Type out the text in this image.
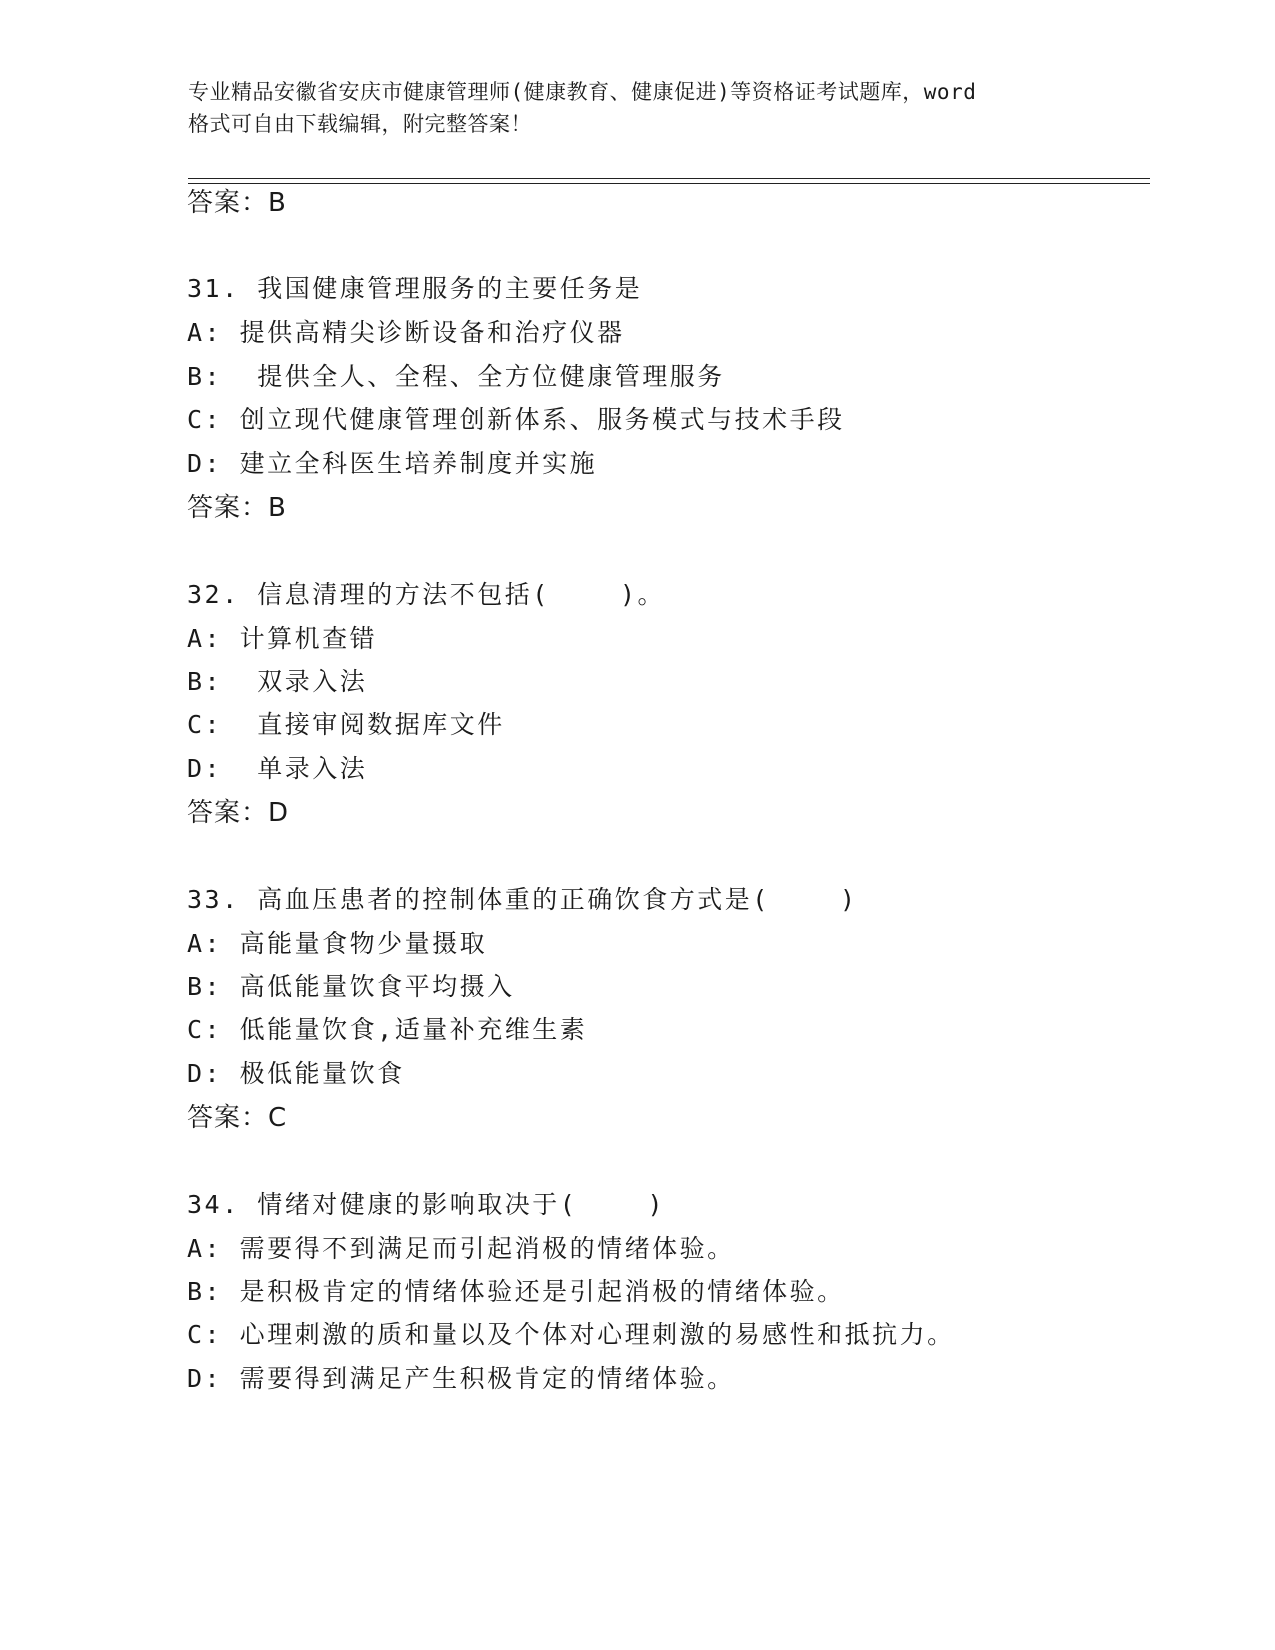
专业精品安徽省安庆市健康管理师(健康教育、健康促进)等资格证考试题库，word
格式可自由下载编辑，附完整答案！
答案：B
31. 我国健康管理服务的主要任务是
A: 提供高精尖诊断设备和治疗仪器
B:  提供全人、全程、全方位健康管理服务
C: 创立现代健康管理创新体系、服务模式与技术手段
D: 建立全科医生培养制度并实施
答案：B
32. 信息清理的方法不包括(    )。
A: 计算机查错
B:  双录入法
C:  直接审阅数据库文件
D:  单录入法
答案：D
33. 高血压患者的控制体重的正确饮食方式是(    )
A: 高能量食物少量摄取
B: 高低能量饮食平均摄入
C: 低能量饮食,适量补充维生素
D: 极低能量饮食
答案：C
34. 情绪对健康的影响取决于(    )
A: 需要得不到满足而引起消极的情绪体验。
B: 是积极肯定的情绪体验还是引起消极的情绪体验。
C: 心理刺激的质和量以及个体对心理刺激的易感性和抵抗力。
D: 需要得到满足产生积极肯定的情绪体验。
